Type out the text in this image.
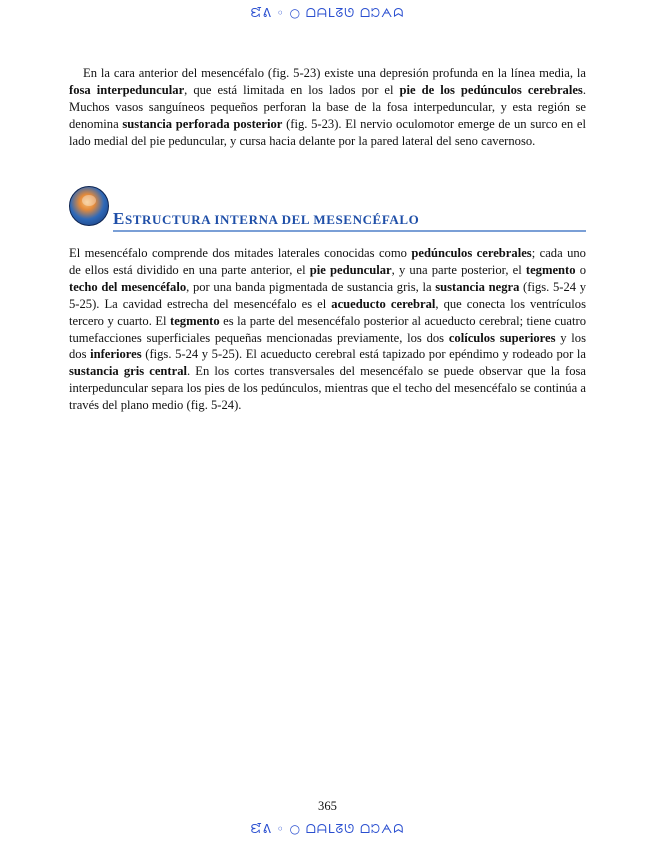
ᘿᕕ ◦ ○ ᗝᗩᒪᘔᘎ ᗝᘰᗅᗣ

En la cara anterior del mesencéfalo (fig. 5-23) existe una depresión profunda en la línea media, la fosa interpeduncular, que está limitada en los lados por el pie de los pedúnculos cerebrales. Muchos vasos sanguíneos pequeños perforan la base de la fosa interpeduncular, y esta región se denomina sustancia perforada posterior (fig. 5-23). El nervio oculomotor emerge de un surco en el lado medial del pie peduncular, y cursa hacia delante por la pared lateral del seno cavernoso.

ESTRUCTURA INTERNA DEL MESENCÉFALO

El mesencéfalo comprende dos mitades laterales conocidas como pedúnculos cerebrales; cada uno de ellos está dividido en una parte anterior, el pie peduncular, y una parte posterior, el tegmento o techo del mesencéfalo, por una banda pigmentada de sustancia gris, la sustancia negra (figs. 5-24 y 5-25). La cavidad estrecha del mesencéfalo es el acueducto cerebral, que conecta los ventrículos tercero y cuarto. El tegmento es la parte del mesencéfalo posterior al acueducto cerebral; tiene cuatro tumefacciones superficiales pequeñas mencionadas previamente, los dos colículos superiores y los dos inferiores (figs. 5-24 y 5-25). El acueducto cerebral está tapizado por epéndimo y rodeado por la sustancia gris central. En los cortes transversales del mesencéfalo se puede observar que la fosa interpeduncular separa los pies de los pedúnculos, mientras que el techo del mesencéfalo se continúa a través del plano medio (fig. 5-24).

365
ᘿᕕ ◦ ○ ᗝᗩᒪᘔᘎ ᗝᘰᗅᗣ
